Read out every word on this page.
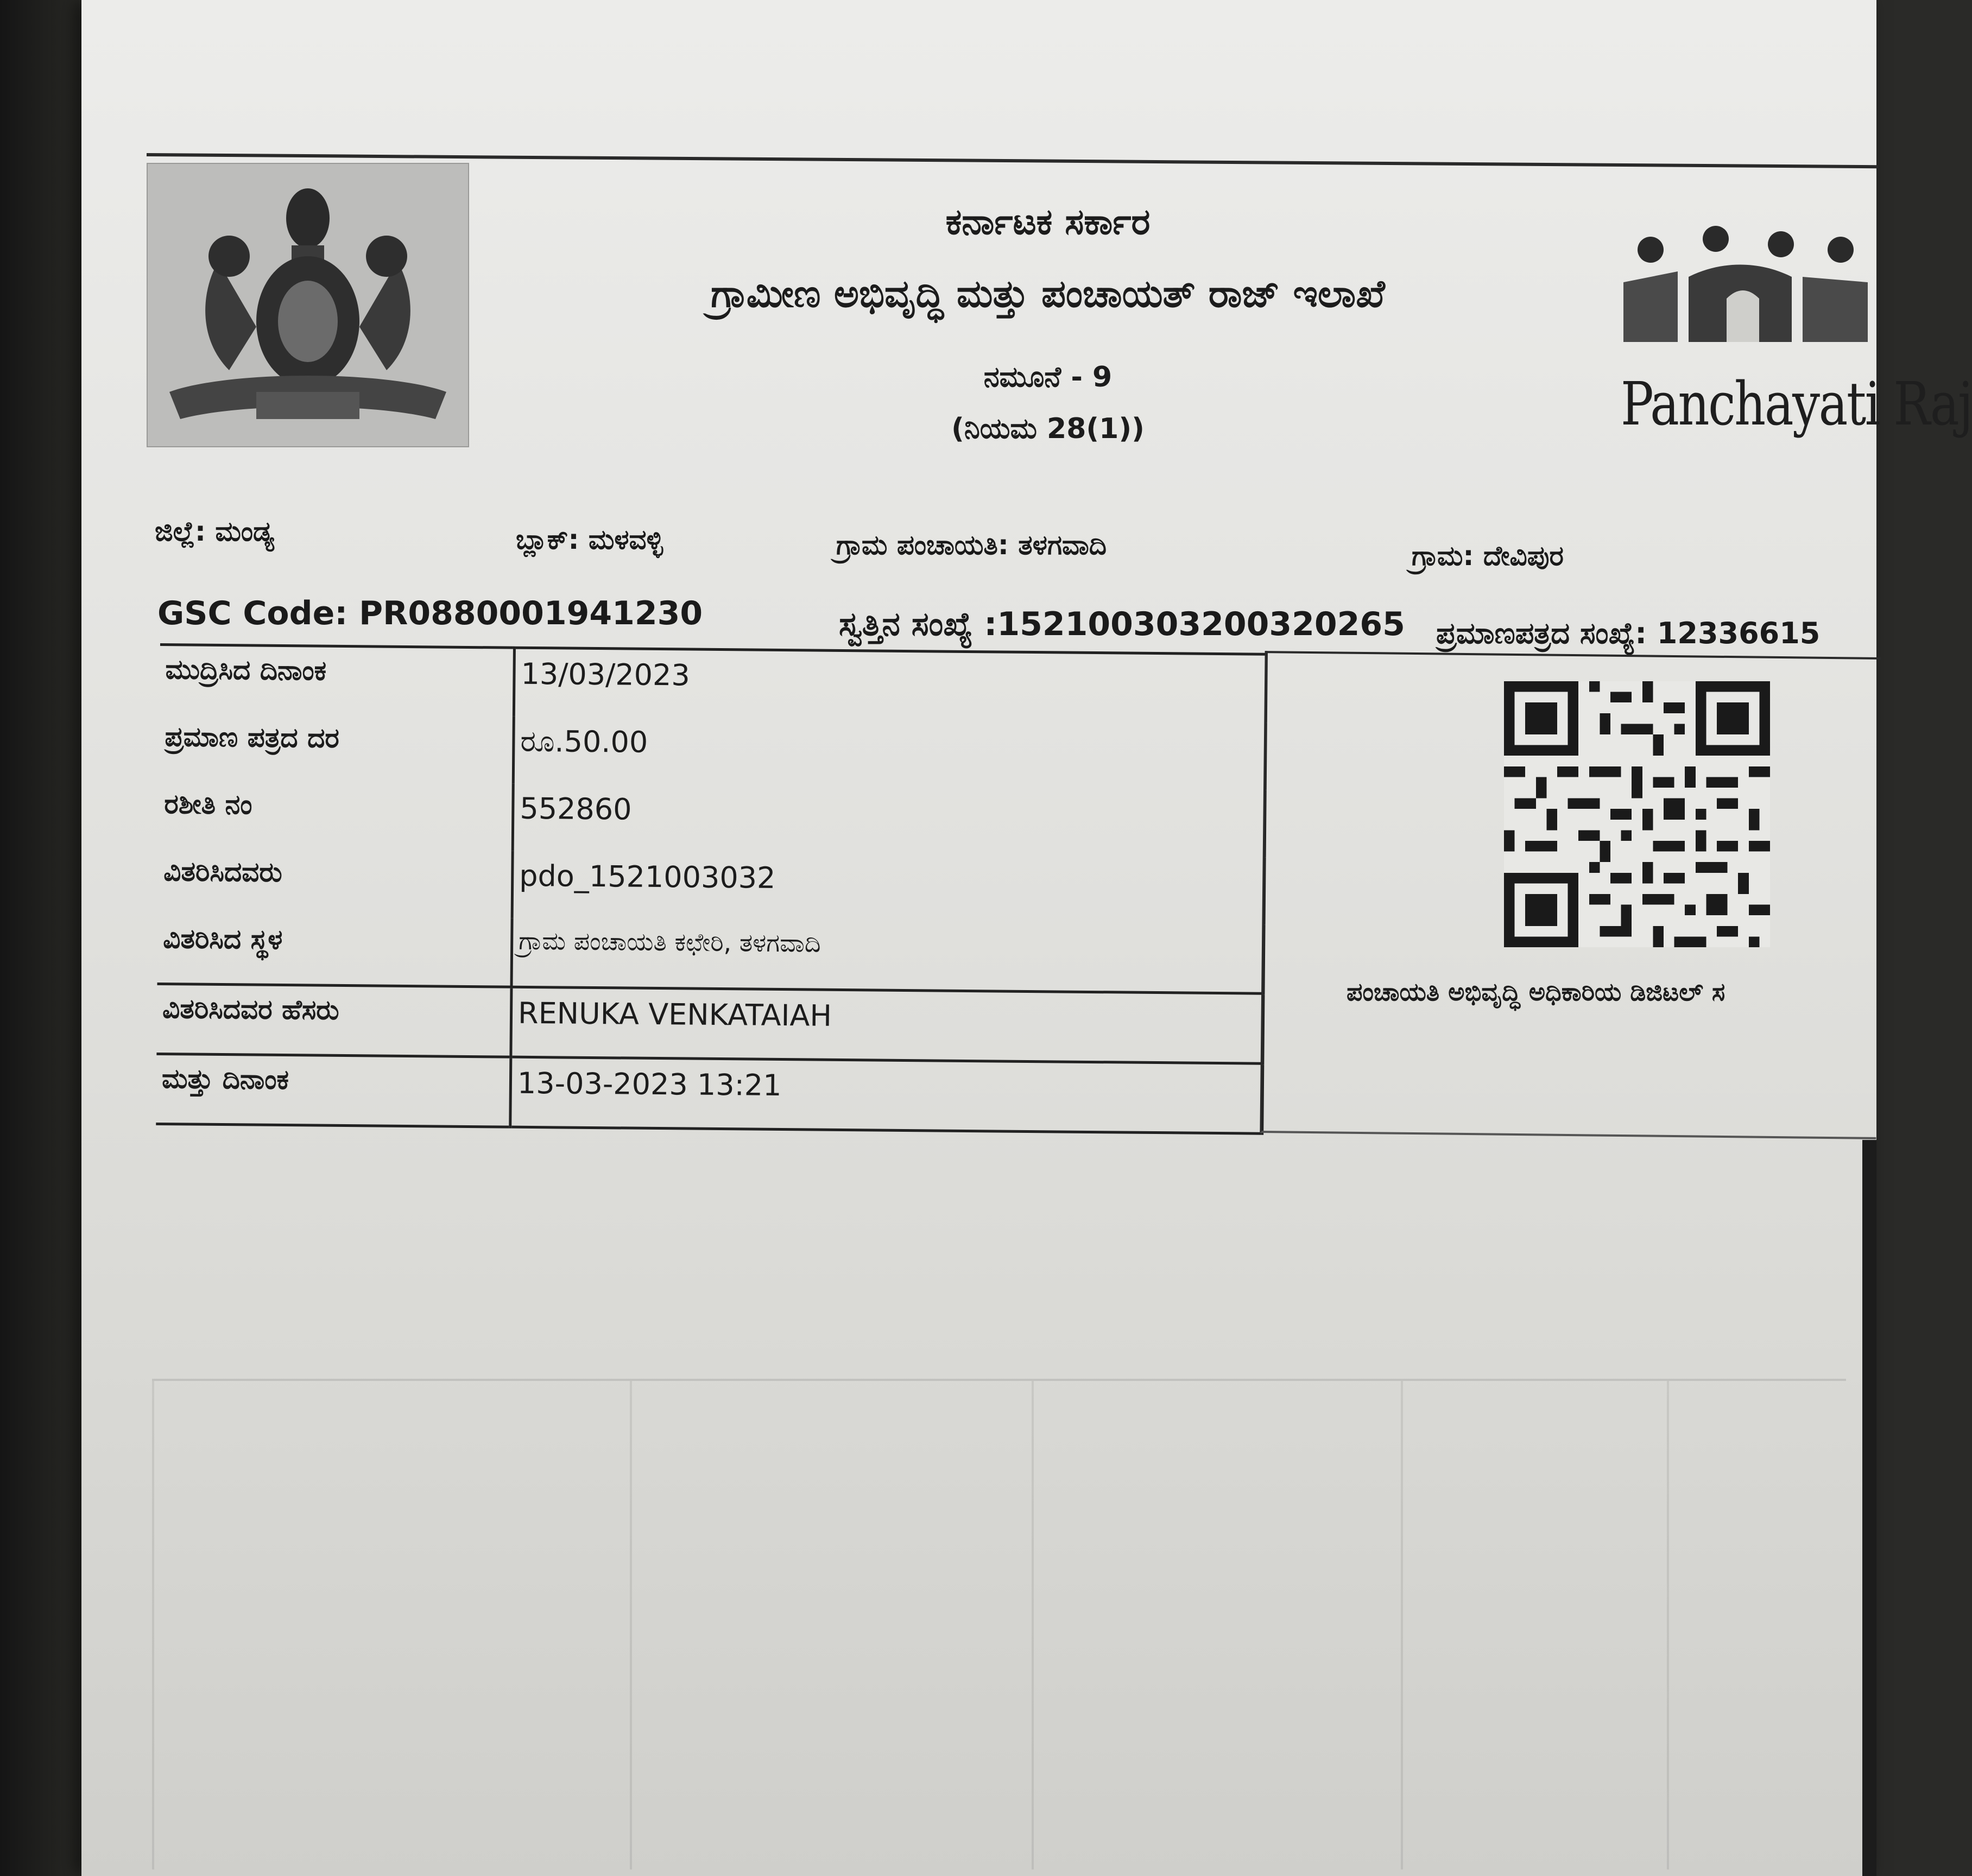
ಕರ್ನಾಟಕ ಸರ್ಕಾರ
ಗ್ರಾಮೀಣ ಅಭಿವೃದ್ಧಿ ಮತ್ತು ಪಂಚಾಯತ್ ರಾಜ್ ಇಲಾಖೆ
ನಮೂನೆ - 9
(ನಿಯಮ 28(1))	Panchayati Raj
ಜಿಲ್ಲೆ: ಮಂಡ್ಯ	ಬ್ಲಾಕ್: ಮಳವಳ್ಳಿ	ಗ್ರಾಮ ಪಂಚಾಯತಿ: ತಳಗವಾದಿ	ಗ್ರಾಮ: ದೇವಿಪುರ
GSC Code: PR0880001941230	ಸ್ವತ್ತಿನ ಸಂಖ್ಯೆ :152100303200320265 ಪ್ರಮಾಣಪತ್ರದ ಸಂಖ್ಯೆ: 12336615
ಮುದ್ರಿಸಿದ ದಿನಾಂಕ	13/03/2023
ಪ್ರಮಾಣ ಪತ್ರದ ದರ	ರೂ.50.00
ರಶೀತಿ ನಂ	552860
ವಿತರಿಸಿದವರು	pdo_1521003032
ವಿತರಿಸಿದ ಸ್ಥಳ	ಗ್ರಾಮ ಪಂಚಾಯತಿ ಕಛೇರಿ, ತಳಗವಾದಿ
ವಿತರಿಸಿದವರ ಹೆಸರು	RENUKA VENKATAIAH
ಮತ್ತು ದಿನಾಂಕ	13-03-2023 13:21
ಪಂಚಾಯತಿ ಅಭಿವೃದ್ಧಿ ಅಧಿಕಾರಿಯ ಡಿಜಿಟಲ್ ಸ
